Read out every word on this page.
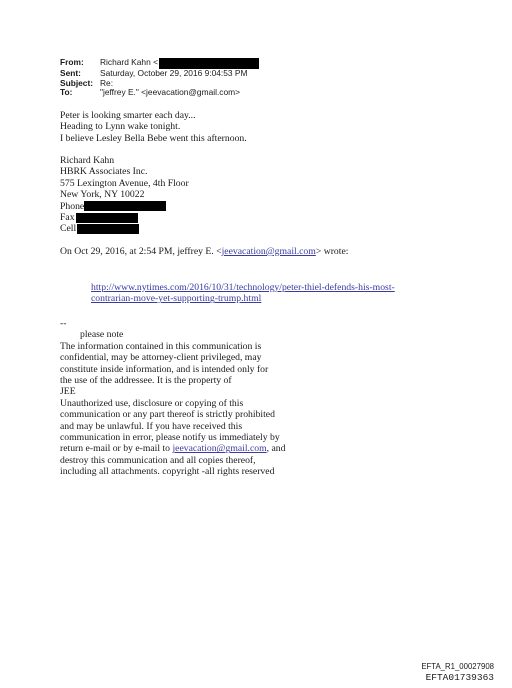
From:	Richard Kahn <
Sent:	Saturday, October 29, 2016 9:04:53 PM
Subject: Re:
To:	"jeffrey E." <jeevacation@gmail.com>
Peter is looking smarter each day...
Heading to Lynn wake tonight.
I believe Lesley Bella Bebe went this afternoon.
Richard Kahn
HBRK Associates Inc.
575 Lexington Avenue, 4th Floor
New York, NY 10022
Phone
Fax
Cell
On Oct 29, 2016, at 2:54 PM, jeffrey E. <jeevacation@gmail.com> wrote:
http://www.nytimes.com/2016/10/31/technology/peter-thiel-defends-his-most-
contrarian-move-yet-supporting-trump.html
--
please note
The information contained in this communication is
confidential, may be attorney-client privileged, may
constitute inside information, and is intended only for
the use of the addressee. It is the property of
JEE
Unauthorized use, disclosure or copying of this
communication or any part thereof is strictly prohibited
and may be unlawful. If you have received this
communication in error, please notify us immediately by
return e-mail or by e-mail to jeevacation@gmail.com, and
destroy this communication and all copies thereof,
including all attachments. copyright -all rights reserved
EFTA_R1_00027908
EFTA01739363
